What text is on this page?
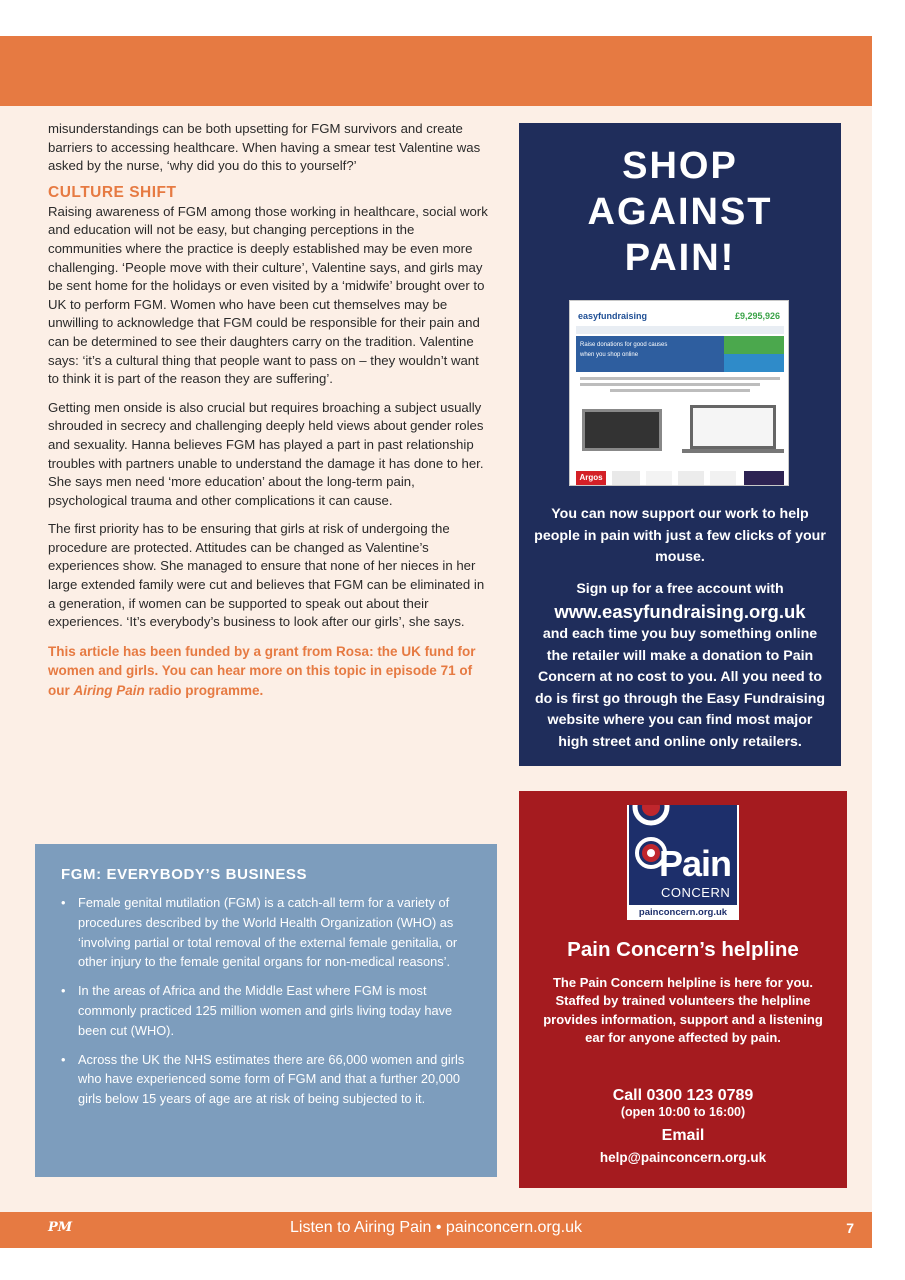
misunderstandings can be both upsetting for FGM survivors and create barriers to accessing healthcare. When having a smear test Valentine was asked by the nurse, ‘why did you do this to yourself?’

CULTURE SHIFT

Raising awareness of FGM among those working in healthcare, social work and education will not be easy, but changing perceptions in the communities where the practice is deeply established may be even more challenging. ‘People move with their culture’, Valentine says, and girls may be sent home for the holidays or even visited by a ‘midwife’ brought over to UK to perform FGM. Women who have been cut themselves may be unwilling to acknowledge that FGM could be responsible for their pain and can be determined to see their daughters carry on the tradition. Valentine says: ‘it’s a cultural thing that people want to pass on – they wouldn’t want to think it is part of the reason they are suffering’.

Getting men onside is also crucial but requires broaching a subject usually shrouded in secrecy and challenging deeply held views about gender roles and sexuality. Hanna believes FGM has played a part in past relationship troubles with partners unable to understand the damage it has done to her. She says men need ‘more education’ about the long-term pain, psychological trauma and other complications it can cause.

The first priority has to be ensuring that girls at risk of undergoing the procedure are protected. Attitudes can be changed as Valentine’s experiences show. She managed to ensure that none of her nieces in her large extended family were cut and believes that FGM can be eliminated in a generation, if women can be supported to speak out about their experiences. ‘It’s everybody’s business to look after our girls’, she says.

This article has been funded by a grant from Rosa: the UK fund for women and girls. You can hear more on this topic in episode 71 of our Airing Pain radio programme.
FGM: EVERYBODY’S BUSINESS
• Female genital mutilation (FGM) is a catch-all term for a variety of procedures described by the World Health Organization (WHO) as ‘involving partial or total removal of the external female genitalia, or other injury to the female genital organs for non-medical reasons’.
• In the areas of Africa and the Middle East where FGM is most commonly practiced 125 million women and girls living today have been cut (WHO).
• Across the UK the NHS estimates there are 66,000 women and girls who have experienced some form of FGM and that a further 20,000 girls below 15 years of age are at risk of being subjected to it.
SHOP
AGAINST
PAIN!
easyfundraising	£9,295,926
Raise donations for good causes
when you shop online
Argos
You can now support our work to help people in pain with just a few clicks of your mouse.
Sign up for a free account with
www.easyfundraising.org.uk
and each time you buy something online the retailer will make a donation to Pain Concern at no cost to you. All you need to do is first go through the Easy Fundraising website where you can find most major high street and online only retailers.
Pain
CONCERN
painconcern.org.uk
Pain Concern’s helpline
The Pain Concern helpline is here for you. Staffed by trained volunteers the helpline provides information, support and a listening ear for anyone affected by pain.
Call 0300 123 0789
(open 10:00 to 16:00)
Email
help@painconcern.org.uk
PM	Listen to Airing Pain • painconcern.org.uk	7
